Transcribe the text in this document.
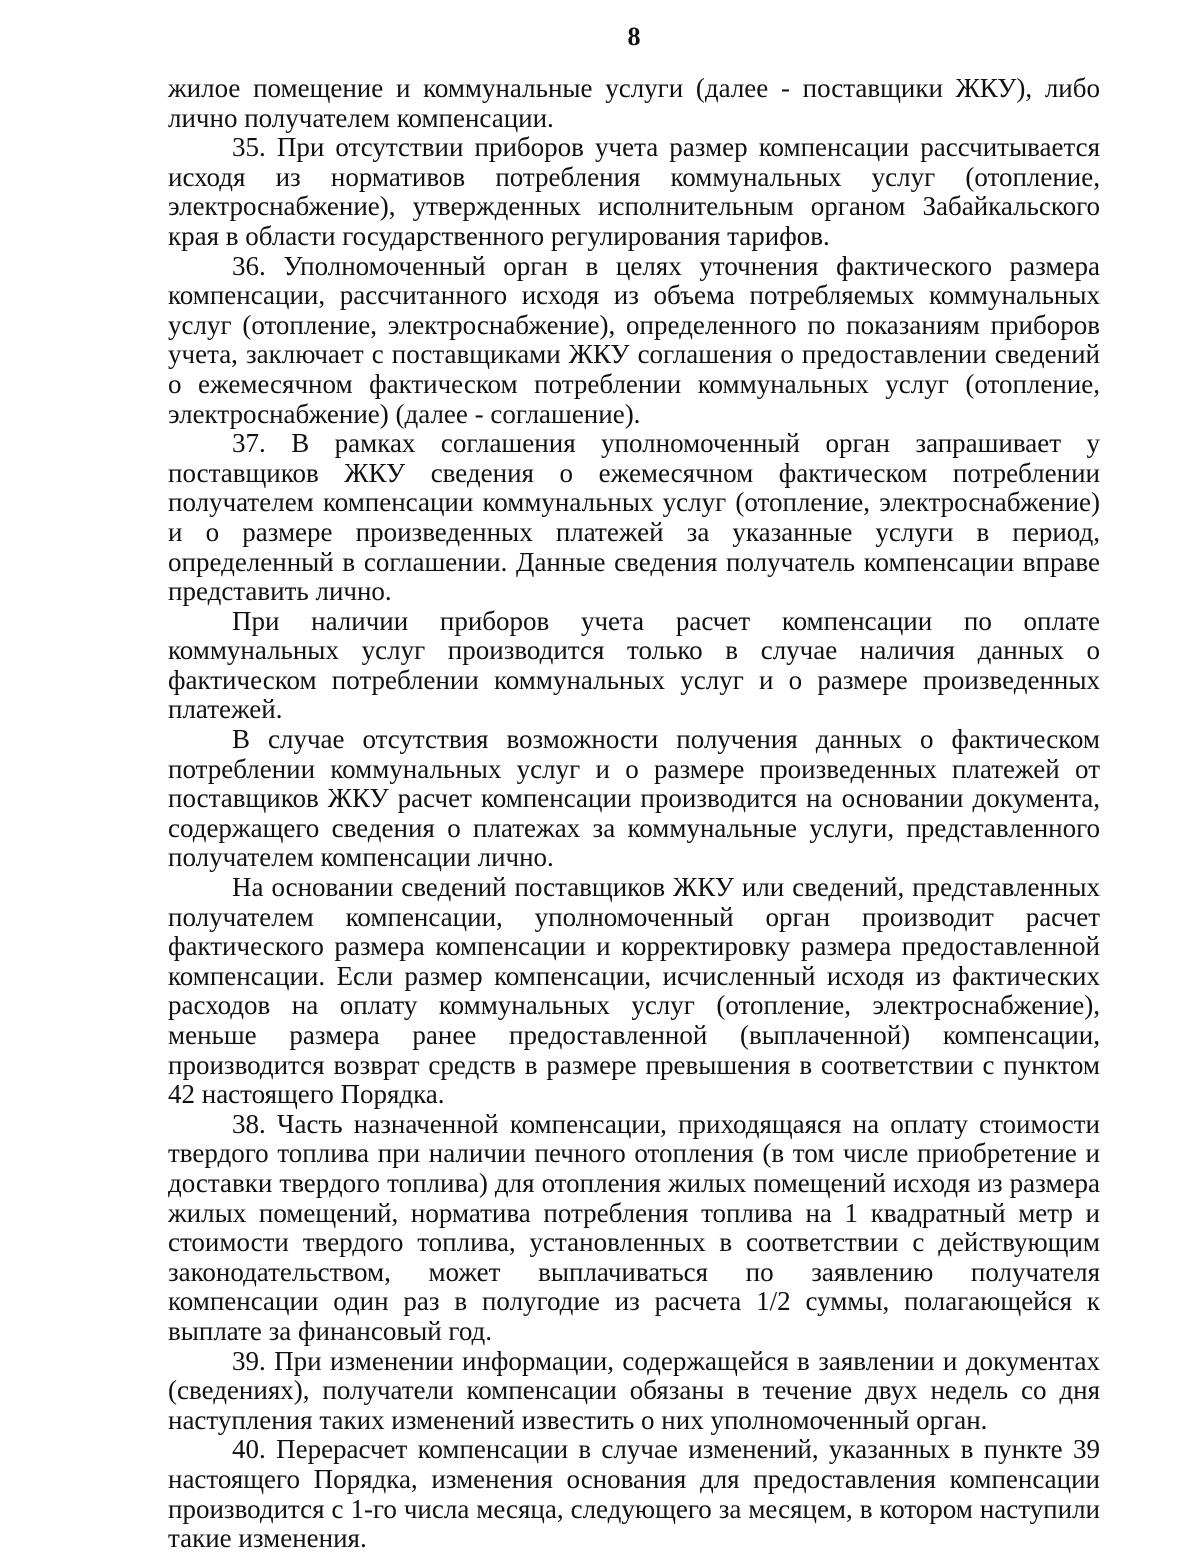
8

жилое помещение и коммунальные услуги (далее - поставщики ЖКУ), либо лично получателем компенсации.

35. При отсутствии приборов учета размер компенсации рассчитывается исходя из нормативов потребления коммунальных услуг (отопление, электроснабжение), утвержденных исполнительным органом Забайкальского края в области государственного регулирования тарифов.

36. Уполномоченный орган в целях уточнения фактического размера компенсации, рассчитанного исходя из объема потребляемых коммунальных услуг (отопление, электроснабжение), определенного по показаниям приборов учета, заключает с поставщиками ЖКУ соглашения о предоставлении сведений о ежемесячном фактическом потреблении коммунальных услуг (отопление, электроснабжение) (далее - соглашение).

37. В рамках соглашения уполномоченный орган запрашивает у поставщиков ЖКУ сведения о ежемесячном фактическом потреблении получателем компенсации коммунальных услуг (отопление, электроснабжение) и о размере произведенных платежей за указанные услуги в период, определенный в соглашении. Данные сведения получатель компенсации вправе представить лично.

При наличии приборов учета расчет компенсации по оплате коммунальных услуг производится только в случае наличия данных о фактическом потреблении коммунальных услуг и о размере произведенных платежей.

В случае отсутствия возможности получения данных о фактическом потреблении коммунальных услуг и о размере произведенных платежей от поставщиков ЖКУ расчет компенсации производится на основании документа, содержащего сведения о платежах за коммунальные услуги, представленного получателем компенсации лично.

На основании сведений поставщиков ЖКУ или сведений, представленных получателем компенсации, уполномоченный орган производит расчет фактического размера компенсации и корректировку размера предоставленной компенсации. Если размер компенсации, исчисленный исходя из фактических расходов на оплату коммунальных услуг (отопление, электроснабжение), меньше размера ранее предоставленной (выплаченной) компенсации, производится возврат средств в размере превышения в соответствии с пунктом 42 настоящего Порядка.

38. Часть назначенной компенсации, приходящаяся на оплату стоимости твердого топлива при наличии печного отопления (в том числе приобретение и доставки твердого топлива) для отопления жилых помещений исходя из размера жилых помещений, норматива потребления топлива на 1 квадратный метр и стоимости твердого топлива, установленных в соответствии с действующим законодательством, может выплачиваться по заявлению получателя компенсации один раз в полугодие из расчета 1/2 суммы, полагающейся к выплате за финансовый год.

39. При изменении информации, содержащейся в заявлении и документах (сведениях), получатели компенсации обязаны в течение двух недель со дня наступления таких изменений известить о них уполномоченный орган.

40. Перерасчет компенсации в случае изменений, указанных в пункте 39 настоящего Порядка, изменения основания для предоставления компенсации производится с 1-го числа месяца, следующего за месяцем, в котором наступили такие изменения.
